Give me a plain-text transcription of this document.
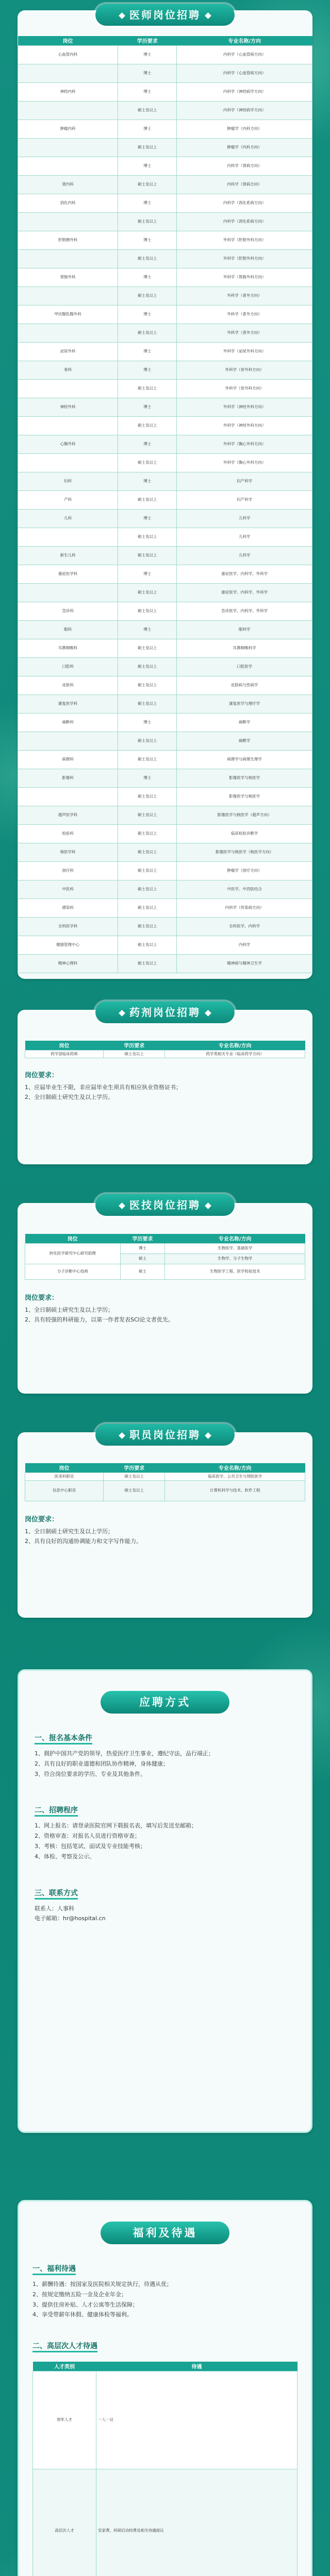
岗位	学历要求	专业名称/方向
心血管内科	博士	内科学（心血管病方向）
	博士	内科学（心血管病方向）
神经内科	博士	内科学（神经病学方向）
	硕士及以上	内科学（神经病学方向）
肿瘤内科	博士	肿瘤学（内科方向）
	硕士及以上	肿瘤学（内科方向）
	博士	内科学（肾病方向）
肾内科	硕士及以上	内科学（肾病方向）
消化内科	博士	内科学（消化系病方向）
	硕士及以上	内科学（消化系病方向）
肝胆胰外科	博士	外科学（肝胆外科方向）
	硕士及以上	外科学（肝胆外科方向）
胃肠外科	博士	外科学（胃肠外科方向）
	硕士及以上	外科学（普外方向）
甲状腺乳腺外科	博士	外科学（普外方向）
	硕士及以上	外科学（普外方向）
泌尿外科	博士	外科学（泌尿外科方向）
骨科	博士	外科学（骨外科方向）
	硕士及以上	外科学（骨外科方向）
神经外科	博士	外科学（神经外科方向）
	硕士及以上	外科学（神经外科方向）
心胸外科	博士	外科学（胸心外科方向）
	硕士及以上	外科学（胸心外科方向）
妇科	博士	妇产科学
产科	硕士及以上	妇产科学
儿科	博士	儿科学
	硕士及以上	儿科学
新生儿科	硕士及以上	儿科学
重症医学科	博士	重症医学、内科学、外科学
	硕士及以上	重症医学、内科学、外科学
急诊科	硕士及以上	急诊医学、内科学、外科学
眼科	博士	眼科学
耳鼻咽喉科	硕士及以上	耳鼻咽喉科学
口腔科	硕士及以上	口腔医学
皮肤科	硕士及以上	皮肤病与性病学
康复医学科	硕士及以上	康复医学与理疗学
麻醉科	博士	麻醉学
	硕士及以上	麻醉学
病理科	硕士及以上	病理学与病理生理学
影像科	博士	影像医学与核医学
	硕士及以上	影像医学与核医学
超声医学科	硕士及以上	影像医学与核医学（超声方向）
检验科	硕士及以上	临床检验诊断学
核医学科	硕士及以上	影像医学与核医学（核医学方向）
放疗科	硕士及以上	肿瘤学（放疗方向）
中医科	硕士及以上	中医学、中西医结合
感染科	硕士及以上	内科学（传染病方向）
全科医学科	硕士及以上	全科医学、内科学
健康管理中心	硕士及以上	内科学
精神心理科	硕士及以上	精神病与精神卫生学
医师岗位招聘
岗位	学历要求	专业名称/方向
药学部临床药师	硕士及以上	药学类相关专业（临床药学方向）
岗位要求：
1、应届毕业生不限，非应届毕业生须具有相应执业资格证书；
2、全日制硕士研究生及以上学历。
药剂岗位招聘
岗位	学历要求	专业名称/方向
转化医学研究中心研究助理	博士	生物医学、基础医学
	硕士	生物学、分子生物学
分子诊断中心技师	硕士	生物医学工程、医学检验技术
岗位要求：
1、全日制硕士研究生及以上学历；
2、具有较强的科研能力，以第一作者发表SCI论文者优先。
医技岗位招聘
岗位	学历要求	专业名称/方向
医务科职员	硕士及以上	临床医学、公共卫生与预防医学
信息中心职员	硕士及以上	计算机科学与技术、软件工程
岗位要求：
1、全日制硕士研究生及以上学历；
2、具有良好的沟通协调能力和文字写作能力。
职员岗位招聘
一、报名基本条件
1、拥护中国共产党的领导，热爱医疗卫生事业，遵纪守法，品行端正；
2、具有良好的职业道德和团队协作精神，身体健康；
3、符合岗位要求的学历、专业及其他条件。
二、招聘程序
1、网上报名：请登录医院官网下载报名表，填写后发送至邮箱；
2、资格审查：对报名人员进行资格审查；
3、考核：包括笔试、面试及专业技能考核；
4、体检、考察及公示。
三、联系方式
联系人：人事科
电子邮箱：hr@hospital.cn
应聘方式
一、福利待遇
1、薪酬待遇：按国家及医院相关规定执行，待遇从优；
2、按规定缴纳五险一金及企业年金；
3、提供住房补贴、人才公寓等生活保障；
4、享受带薪年休假、健康体检等福利。
二、高层次人才待遇
人才类别	待遇
领军人才	一人一议
高层次人才	安家费、科研启动经费及相关待遇面议

福利及待遇
